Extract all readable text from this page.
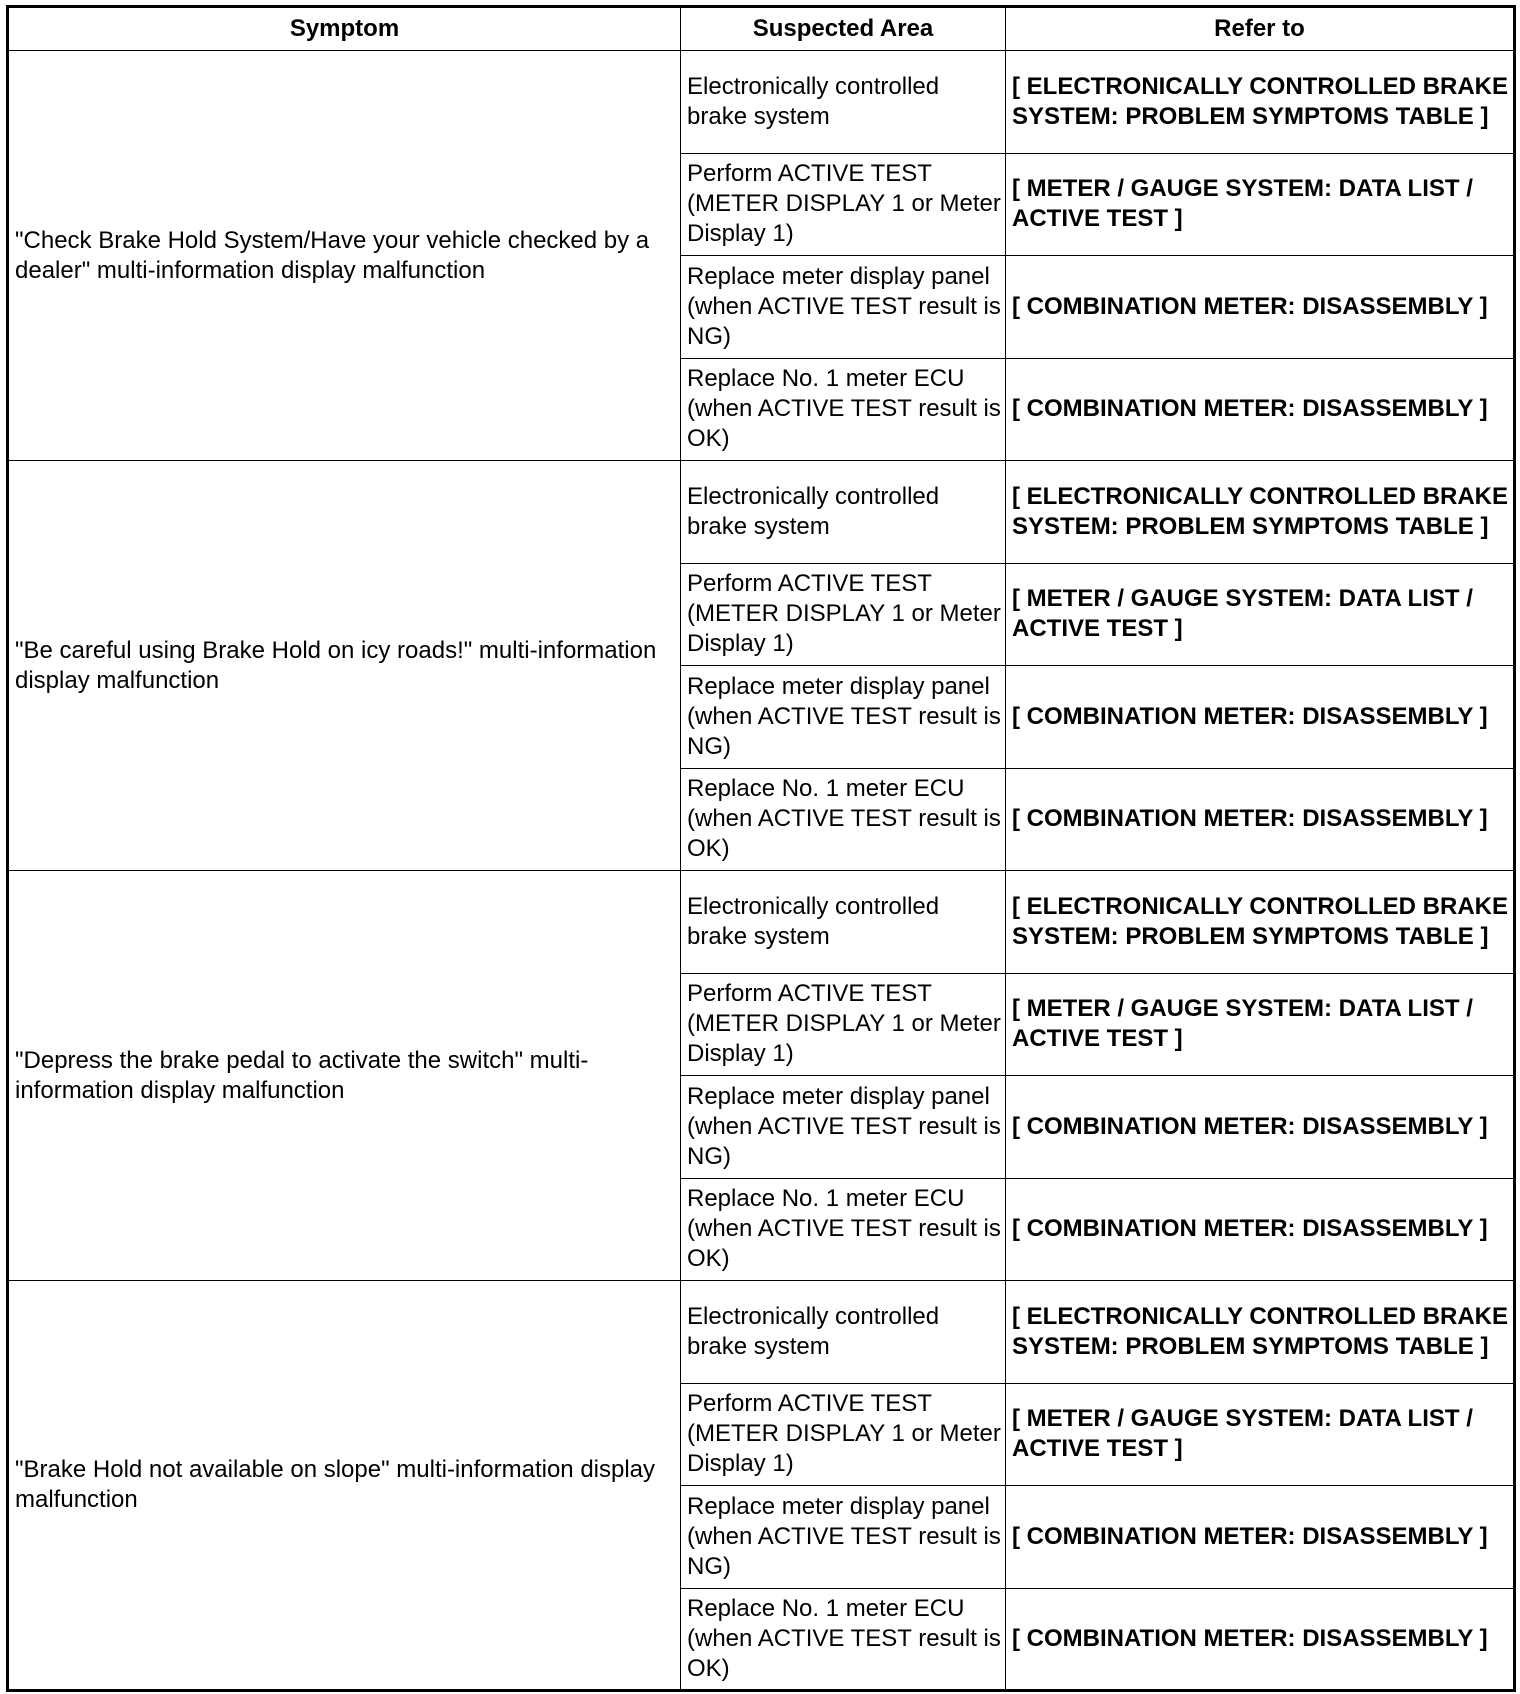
Symptom	Suspected Area	Refer to
"Check Brake Hold System/Have your vehicle checked by a dealer" multi-information display malfunction	Electronically controlled brake system	[ ELECTRONICALLY CONTROLLED BRAKE SYSTEM: PROBLEM SYMPTOMS TABLE ]
	Perform ACTIVE TEST (METER DISPLAY 1 or Meter Display 1)	[ METER / GAUGE SYSTEM: DATA LIST / ACTIVE TEST ]
	Replace meter display panel (when ACTIVE TEST result is NG)	[ COMBINATION METER: DISASSEMBLY ]
	Replace No. 1 meter ECU (when ACTIVE TEST result is OK)	[ COMBINATION METER: DISASSEMBLY ]
"Be careful using Brake Hold on icy roads!" multi-information display malfunction	Electronically controlled brake system	[ ELECTRONICALLY CONTROLLED BRAKE SYSTEM: PROBLEM SYMPTOMS TABLE ]
	Perform ACTIVE TEST (METER DISPLAY 1 or Meter Display 1)	[ METER / GAUGE SYSTEM: DATA LIST / ACTIVE TEST ]
	Replace meter display panel (when ACTIVE TEST result is NG)	[ COMBINATION METER: DISASSEMBLY ]
	Replace No. 1 meter ECU (when ACTIVE TEST result is OK)	[ COMBINATION METER: DISASSEMBLY ]
"Depress the brake pedal to activate the switch" multi-information display malfunction	Electronically controlled brake system	[ ELECTRONICALLY CONTROLLED BRAKE SYSTEM: PROBLEM SYMPTOMS TABLE ]
	Perform ACTIVE TEST (METER DISPLAY 1 or Meter Display 1)	[ METER / GAUGE SYSTEM: DATA LIST / ACTIVE TEST ]
	Replace meter display panel (when ACTIVE TEST result is NG)	[ COMBINATION METER: DISASSEMBLY ]
	Replace No. 1 meter ECU (when ACTIVE TEST result is OK)	[ COMBINATION METER: DISASSEMBLY ]
"Brake Hold not available on slope" multi-information display malfunction	Electronically controlled brake system	[ ELECTRONICALLY CONTROLLED BRAKE SYSTEM: PROBLEM SYMPTOMS TABLE ]
	Perform ACTIVE TEST (METER DISPLAY 1 or Meter Display 1)	[ METER / GAUGE SYSTEM: DATA LIST / ACTIVE TEST ]
	Replace meter display panel (when ACTIVE TEST result is NG)	[ COMBINATION METER: DISASSEMBLY ]
	Replace No. 1 meter ECU (when ACTIVE TEST result is OK)	[ COMBINATION METER: DISASSEMBLY ]
